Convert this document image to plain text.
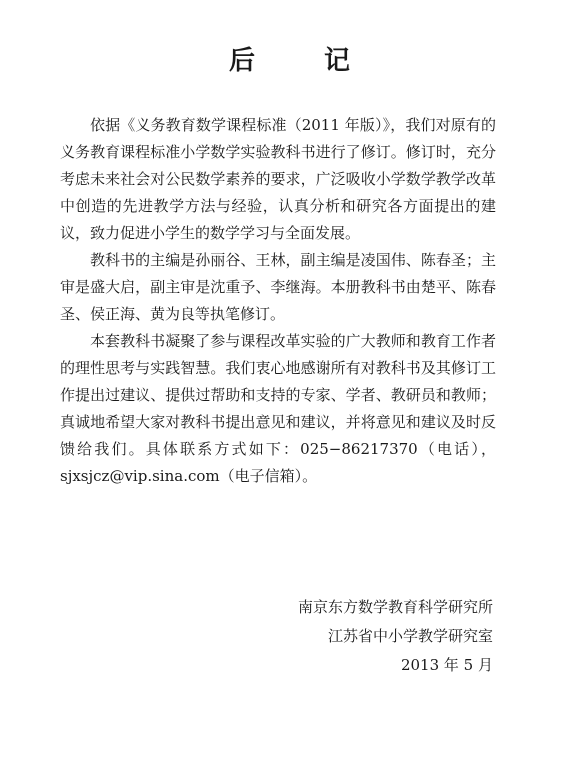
后 记

依据《义务教育数学课程标准（2011 年版）》，我们对原有的义务教育课程标准小学数学实验教科书进行了修订。修订时，充分考虑未来社会对公民数学素养的要求，广泛吸收小学数学教学改革中创造的先进教学方法与经验，认真分析和研究各方面提出的建议，致力促进小学生的数学学习与全面发展。

教科书的主编是孙丽谷、王林，副主编是凌国伟、陈春圣；主审是盛大启，副主审是沈重予、李继海。本册教科书由楚平、陈春圣、侯正海、黄为良等执笔修订。

本套教科书凝聚了参与课程改革实验的广大教师和教育工作者的理性思考与实践智慧。我们衷心地感谢所有对教科书及其修订工作提出过建议、提供过帮助和支持的专家、学者、教研员和教师；真诚地希望大家对教科书提出意见和建议，并将意见和建议及时反馈给我们。具体联系方式如下：025−86217370（电话），sjxsjcz@vip.sina.com（电子信箱）。

南京东方数学教育科学研究所
江苏省中小学教学研究室
2013 年 5 月
